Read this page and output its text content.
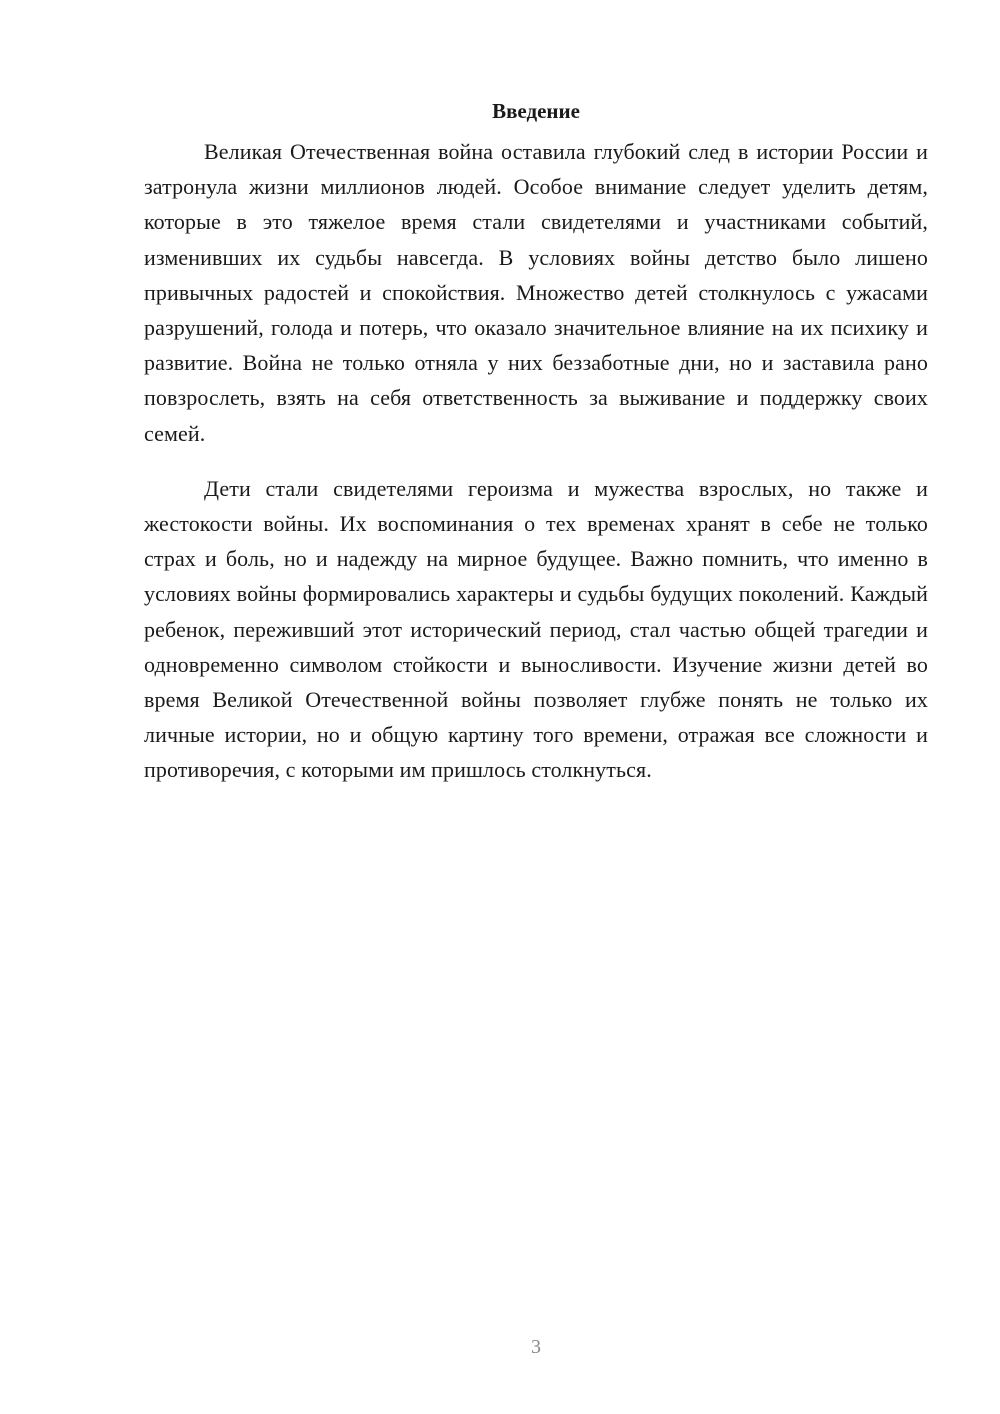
Введение

Великая Отечественная война оставила глубокий след в истории России и затронула жизни миллионов людей. Особое внимание следует уделить детям, которые в это тяжелое время стали свидетелями и участниками событий, изменивших их судьбы навсегда. В условиях войны детство было лишено привычных радостей и спокойствия. Множество детей столкнулось с ужасами разрушений, голода и потерь, что оказало значительное влияние на их психику и развитие. Война не только отняла у них беззаботные дни, но и заставила рано повзрослеть, взять на себя ответственность за выживание и поддержку своих семей.

Дети стали свидетелями героизма и мужества взрослых, но также и жестокости войны. Их воспоминания о тех временах хранят в себе не только страх и боль, но и надежду на мирное будущее. Важно помнить, что именно в условиях войны формировались характеры и судьбы будущих поколений. Каждый ребенок, переживший этот исторический период, стал частью общей трагедии и одновременно символом стойкости и выносливости. Изучение жизни детей во время Великой Отечественной войны позволяет глубже понять не только их личные истории, но и общую картину того времени, отражая все сложности и противоречия, с которыми им пришлось столкнуться.

3
